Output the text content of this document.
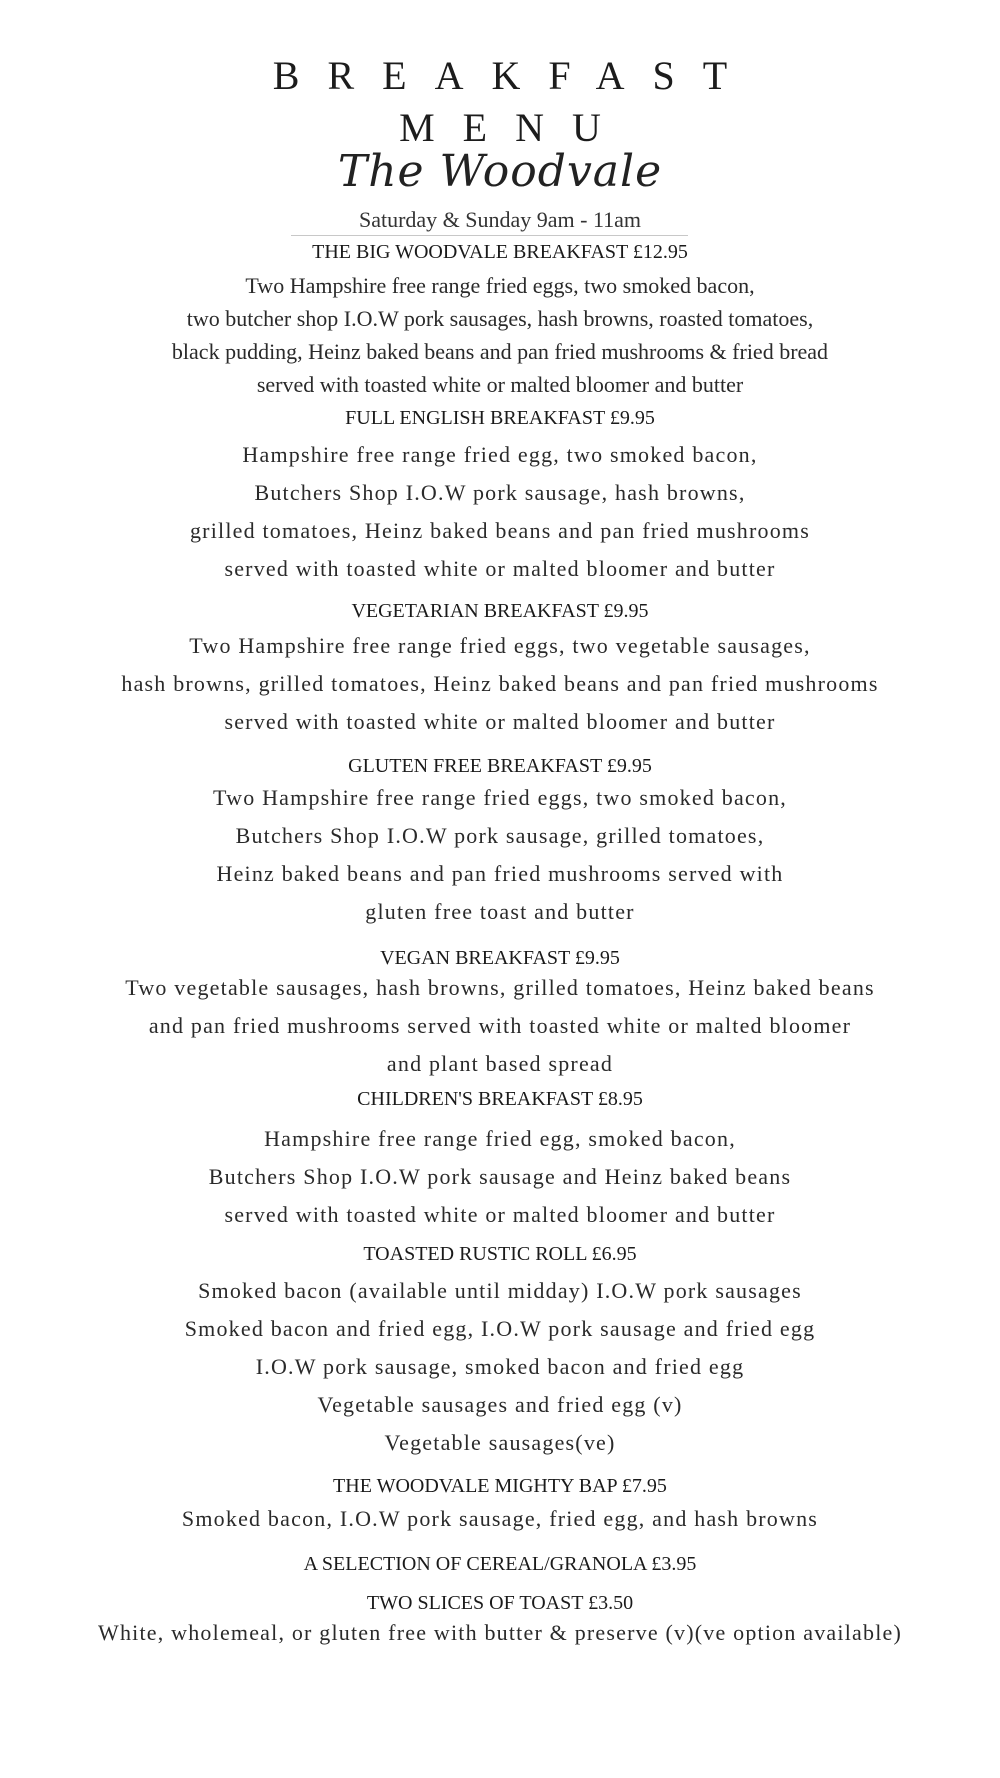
BREAKFAST
MENU
The Woodvale
Saturday & Sunday 9am - 11am
THE BIG WOODVALE BREAKFAST £12.95
Two Hampshire free range fried eggs, two smoked bacon,
two butcher shop I.O.W pork sausages, hash browns, roasted tomatoes,
black pudding, Heinz baked beans and pan fried mushrooms & fried bread
served with toasted white or malted bloomer and butter
FULL ENGLISH BREAKFAST £9.95
Hampshire free range fried egg, two smoked bacon,
Butchers Shop I.O.W pork sausage, hash browns,
grilled tomatoes, Heinz baked beans and pan fried mushrooms
served with toasted white or malted bloomer and butter
VEGETARIAN BREAKFAST £9.95
Two Hampshire free range fried eggs, two vegetable sausages,
hash browns, grilled tomatoes, Heinz baked beans and pan fried mushrooms
served with toasted white or malted bloomer and butter
GLUTEN FREE BREAKFAST £9.95
Two Hampshire free range fried eggs, two smoked bacon,
Butchers Shop I.O.W pork sausage, grilled tomatoes,
Heinz baked beans and pan fried mushrooms served with
gluten free toast and butter
VEGAN BREAKFAST £9.95
Two vegetable sausages, hash browns, grilled tomatoes, Heinz baked beans
and pan fried mushrooms served with toasted white or malted bloomer
and plant based spread
CHILDREN'S BREAKFAST £8.95
Hampshire free range fried egg, smoked bacon,
Butchers Shop I.O.W pork sausage and Heinz baked beans
served with toasted white or malted bloomer and butter
TOASTED RUSTIC ROLL £6.95
Smoked bacon (available until midday) I.O.W pork sausages
Smoked bacon and fried egg, I.O.W pork sausage and fried egg
I.O.W pork sausage, smoked bacon and fried egg
Vegetable sausages and fried egg (v)
Vegetable sausages(ve)
THE WOODVALE MIGHTY BAP £7.95
Smoked bacon, I.O.W pork sausage, fried egg, and hash browns
A SELECTION OF CEREAL/GRANOLA £3.95
TWO SLICES OF TOAST £3.50
White, wholemeal, or gluten free with butter & preserve (v)(ve option available)
